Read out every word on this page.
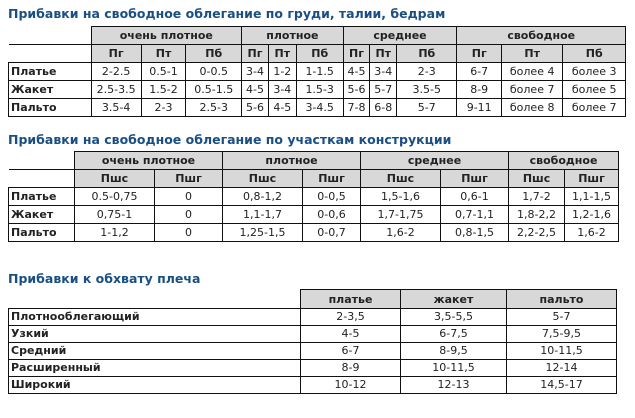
Прибавки на свободное облегание по груди, талии, бедрам
	очень плотное			плотное			среднее			свободное		
	Пг	Пт	Пб	Пг	Пт	Пб	Пг	Пт	Пб	Пг	Пт	Пб
Платье	2-2.5	0.5-1	0-0.5	3-4	1-2	1-1.5	4-5	3-4	2-3	6-7	более 4	более 3
Жакет	2.5-3.5	1.5-2	0.5-1.5	4-5	3-4	1.5-3	5-6	5-7	3.5-5	8-9	более 7	более 5
Пальто	3.5-4	2-3	2.5-3	5-6	4-5	3-4.5	7-8	6-8	5-7	9-11	более 8	более 7
Прибавки на свободное облегание по участкам конструкции
	очень плотное		плотное		среднее		свободное	
	Пшс	Пшг	Пшс	Пшг	Пшс	Пшг	Пшс	Пшг
Платье	0.5-0,75	0	0,8-1,2	0-0,5	1,5-1,6	0,6-1	1,7-2	1,1-1,5
Жакет	0,75-1	0	1,1-1,7	0-0,6	1,7-1,75	0,7-1,1	1,8-2,2	1,2-1,6
Пальто	1-1,2	0	1,25-1,5	0-0,7	1,6-2	0,8-1,5	2,2-2,5	1,6-2
Прибавки к обхвату плеча
	платье	жакет	пальто
Плотнооблегающий	2-3,5	3,5-5,5	5-7
Узкий	4-5	6-7,5	7,5-9,5
Средний	6-7	8-9,5	10-11,5
Расширенный	8-9	10-11,5	12-14
Широкий	10-12	12-13	14,5-17
